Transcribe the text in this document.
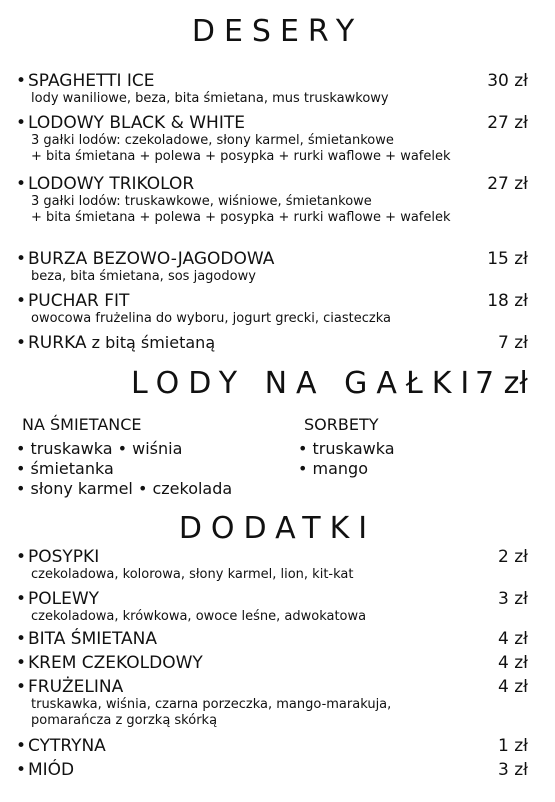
DESERY
• SPAGHETTI ICE	30 zł
lody waniliowe, beza, bita śmietana, mus truskawkowy
• LODOWY BLACK & WHITE	27 zł
3 gałki lodów: czekoladowe, słony karmel, śmietankowe
+ bita śmietana + polewa + posypka + rurki waflowe + wafelek
• LODOWY TRIKOLOR	27 zł
3 gałki lodów: truskawkowe, wiśniowe, śmietankowe
+ bita śmietana + polewa + posypka + rurki waflowe + wafelek
• BURZA BEZOWO-JAGODOWA	15 zł
beza, bita śmietana, sos jagodowy
• PUCHAR FIT	18 zł
owocowa frużelina do wyboru, jogurt grecki, ciasteczka
• RURKA z bitą śmietaną	7 zł
LODY NA GAŁKI
7 zł
NA ŚMIETANCE
• truskawka • wiśnia
• śmietanka
• słony karmel • czekolada
SORBETY
• truskawka
• mango
DODATKI
• POSYPKI	2 zł
czekoladowa, kolorowa, słony karmel, lion, kit-kat
• POLEWY	3 zł
czekoladowa, krówkowa, owoce leśne, adwokatowa
• BITA ŚMIETANA	4 zł
• KREM CZEKOLDOWY	4 zł
• FRUŻELINA	4 zł
truskawka, wiśnia, czarna porzeczka, mango-marakuja,
pomarańcza z gorzką skórką
• CYTRYNA	1 zł
• MIÓD	3 zł
